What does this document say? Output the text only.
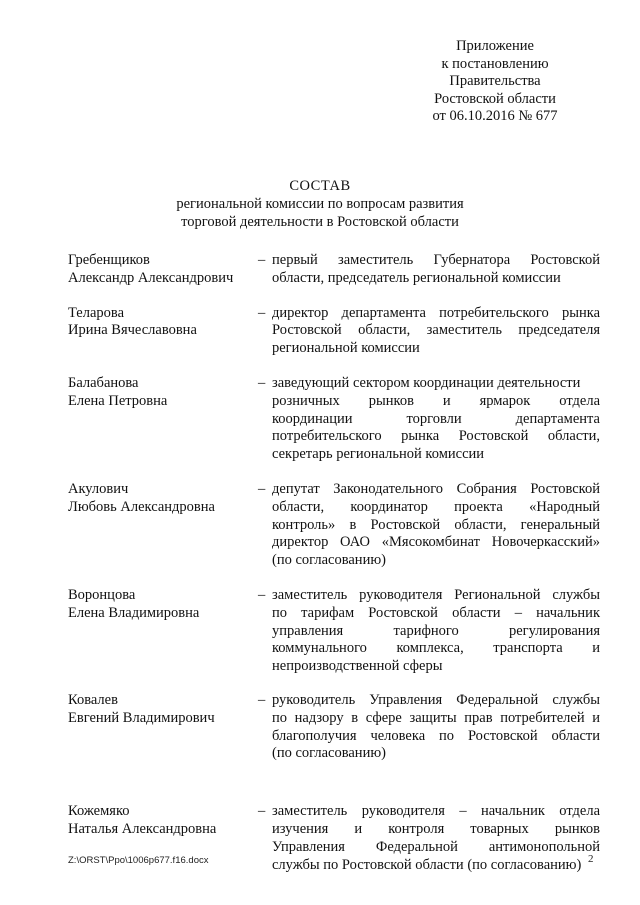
Приложение
к постановлению
Правительства
Ростовской области
от 06.10.2016 № 677
СОСТАВ
региональной комиссии по вопросам развития
торговой деятельности в Ростовской области
Гребенщиков
Александр Александрович
– первый заместитель Губернатора Ростовской
области, председатель региональной комиссии
Теларова
Ирина Вячеславовна
– директор департамента потребительского рынка
Ростовской области, заместитель председателя
региональной комиссии
Балабанова
Елена Петровна
– заведующий сектором координации деятельности
розничных рынков и ярмарок отдела
координации торговли департамента
потребительского рынка Ростовской области,
секретарь региональной комиссии
Акулович
Любовь Александровна
– депутат Законодательного Собрания Ростовской
области, координатор проекта «Народный
контроль» в Ростовской области, генеральный
директор ОАО «Мясокомбинат Новочеркасский»
(по согласованию)
Воронцова
Елена Владимировна
– заместитель руководителя Региональной службы
по тарифам Ростовской области – начальник
управления тарифного регулирования
коммунального комплекса, транспорта и
непроизводственной сферы
Ковалев
Евгений Владимирович
– руководитель Управления Федеральной службы
по надзору в сфере защиты прав потребителей и
благополучия человека по Ростовской области
(по согласованию)
Кожемяко
Наталья Александровна
– заместитель руководителя – начальник отдела
изучения и контроля товарных рынков
Управления Федеральной антимонопольной
службы по Ростовской области (по согласованию)
Z:\ORST\Ppo\1006p677.f16.docx	2
